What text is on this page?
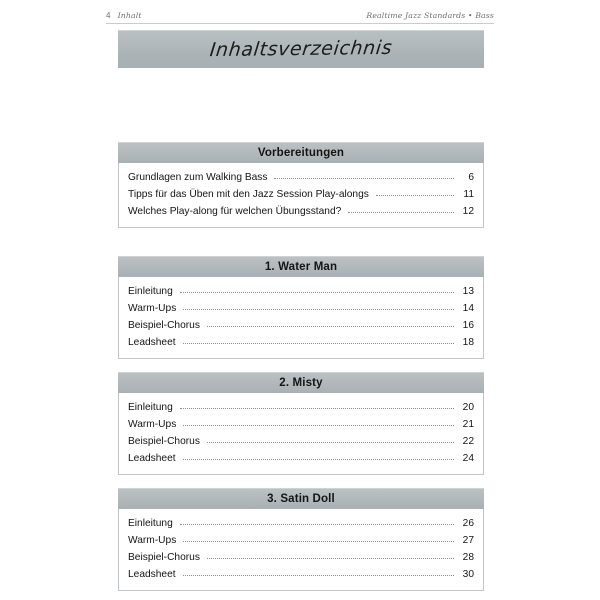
4 Inhalt	Realtime Jazz Standards • Bass
Inhaltsverzeichnis
Vorbereitungen
Grundlagen zum Walking Bass	6
Tipps für das Üben mit den Jazz Session Play-alongs	11
Welches Play-along für welchen Übungsstand?	12
1. Water Man
Einleitung	13
Warm-Ups	14
Beispiel-Chorus	16
Leadsheet	18
2. Misty
Einleitung	20
Warm-Ups	21
Beispiel-Chorus	22
Leadsheet	24
3. Satin Doll
Einleitung	26
Warm-Ups	27
Beispiel-Chorus	28
Leadsheet	30
